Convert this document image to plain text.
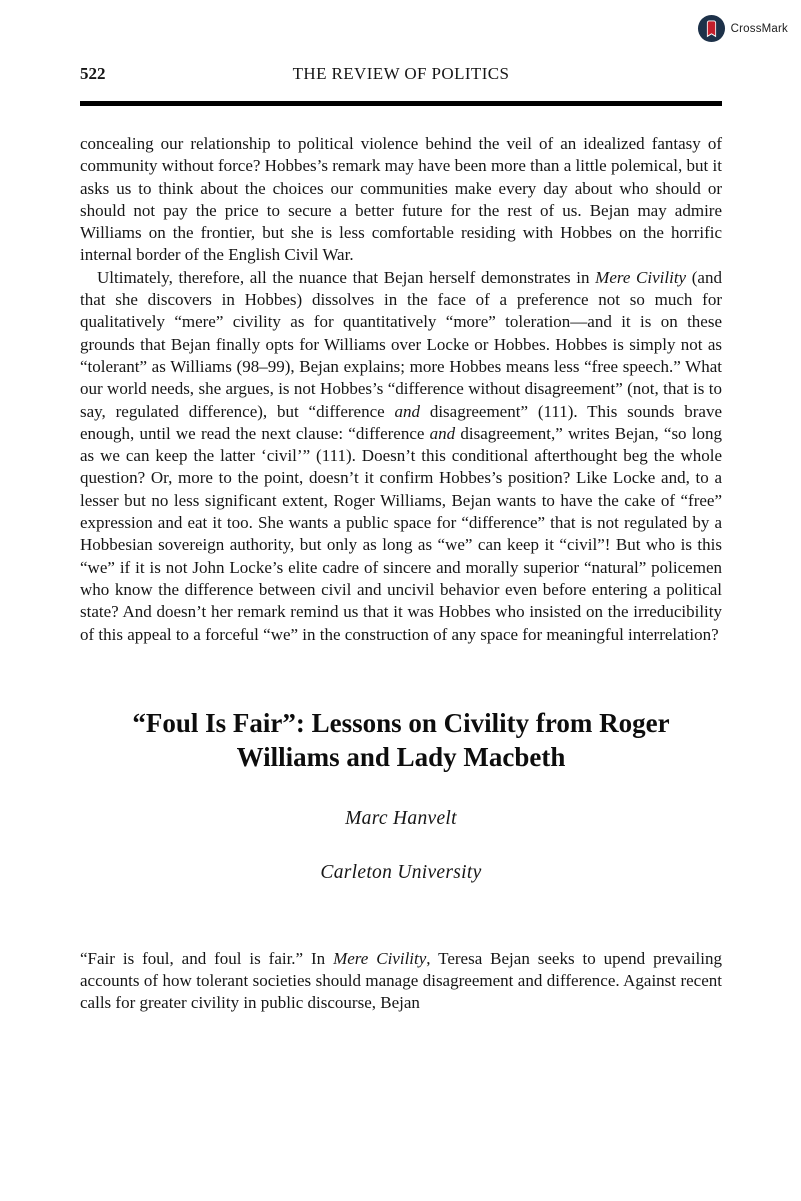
CrossMark
522	THE REVIEW OF POLITICS

concealing our relationship to political violence behind the veil of an idealized fantasy of community without force? Hobbes’s remark may have been more than a little polemical, but it asks us to think about the choices our communities make every day about who should or should not pay the price to secure a better future for the rest of us. Bejan may admire Williams on the frontier, but she is less comfortable residing with Hobbes on the horrific internal border of the English Civil War.

Ultimately, therefore, all the nuance that Bejan herself demonstrates in Mere Civility (and that she discovers in Hobbes) dissolves in the face of a preference not so much for qualitatively “mere” civility as for quantitatively “more” toleration—and it is on these grounds that Bejan finally opts for Williams over Locke or Hobbes. Hobbes is simply not as “tolerant” as Williams (98–99), Bejan explains; more Hobbes means less “free speech.” What our world needs, she argues, is not Hobbes’s “difference without disagreement” (not, that is to say, regulated difference), but “difference and disagreement” (111). This sounds brave enough, until we read the next clause: “difference and disagreement,” writes Bejan, “so long as we can keep the latter ‘civil’” (111). Doesn’t this conditional afterthought beg the whole question? Or, more to the point, doesn’t it confirm Hobbes’s position? Like Locke and, to a lesser but no less significant extent, Roger Williams, Bejan wants to have the cake of “free” expression and eat it too. She wants a public space for “difference” that is not regulated by a Hobbesian sovereign authority, but only as long as “we” can keep it “civil”! But who is this “we” if it is not John Locke’s elite cadre of sincere and morally superior “natural” policemen who know the difference between civil and uncivil behavior even before entering a political state? And doesn’t her remark remind us that it was Hobbes who insisted on the irreducibility of this appeal to a forceful “we” in the construction of any space for meaningful interrelation?

“Foul Is Fair”: Lessons on Civility from Roger Williams and Lady Macbeth
Marc Hanvelt
Carleton University

“Fair is foul, and foul is fair.” In Mere Civility, Teresa Bejan seeks to upend prevailing accounts of how tolerant societies should manage disagreement and difference. Against recent calls for greater civility in public discourse, Bejan
